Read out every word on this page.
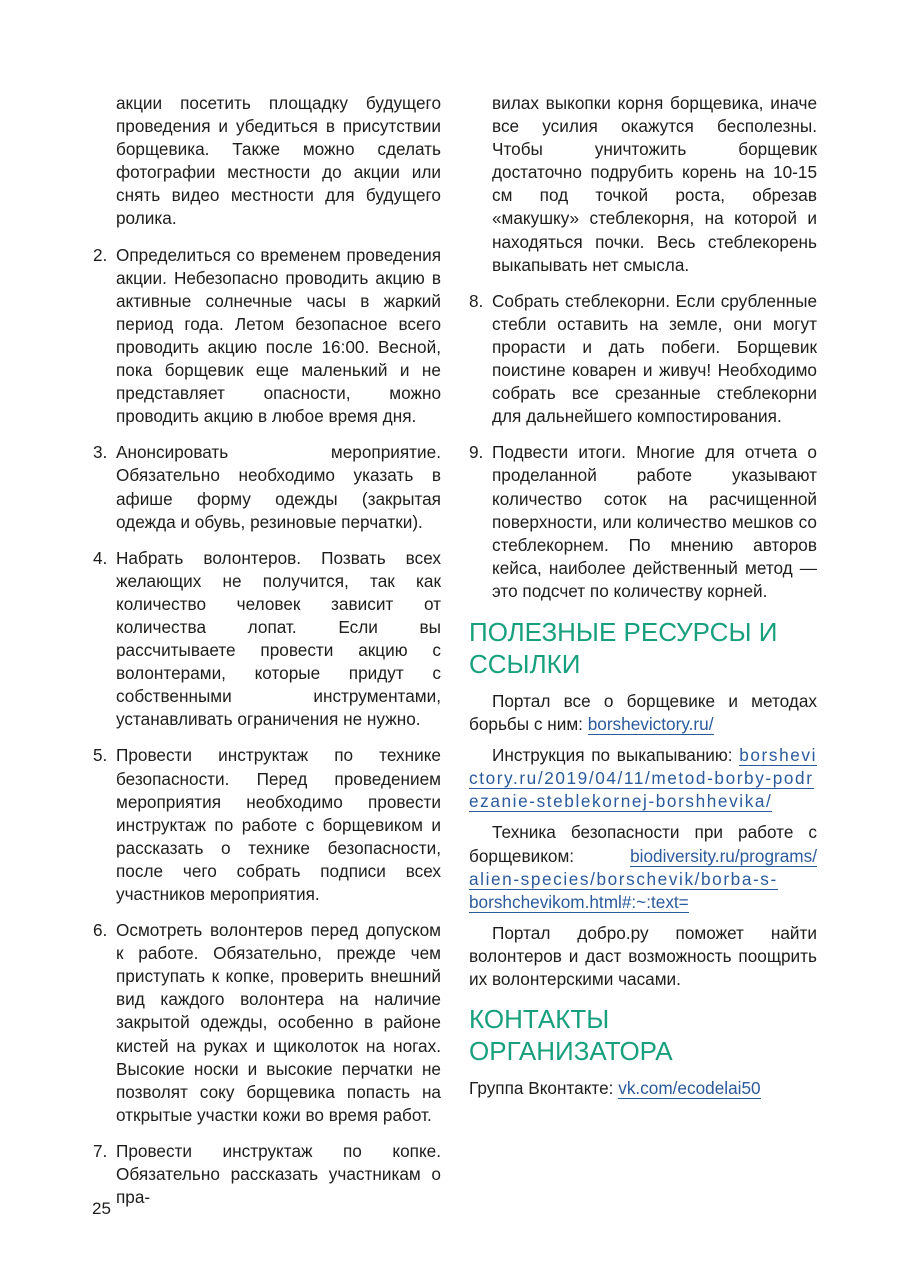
акции посетить площадку будущего проведения и убедиться в присутствии борщевика. Также можно сделать фотографии местности до акции или снять видео местности для будущего ролика.

2. Определиться со временем проведения акции. Небезопасно проводить акцию в активные солнечные часы в жаркий период года. Летом безопасное всего проводить акцию после 16:00. Весной, пока борщевик еще маленький и не представляет опасности, можно проводить акцию в любое время дня.
3. Анонсировать мероприятие. Обязательно необходимо указать в афише форму одежды (закрытая одежда и обувь, резиновые перчатки).
4. Набрать волонтеров. Позвать всех желающих не получится, так как количество человек зависит от количества лопат. Если вы рассчитываете провести акцию с волонтерами, которые придут с собственными инструментами, устанавливать ограничения не нужно.
5. Провести инструктаж по технике безопасности. Перед проведением мероприятия необходимо провести инструктаж по работе с борщевиком и рассказать о технике безопасности, после чего собрать подписи всех участников мероприятия.
6. Осмотреть волонтеров перед допуском к работе. Обязательно, прежде чем приступать к копке, проверить внешний вид каждого волонтера на наличие закрытой одежды, особенно в районе кистей на руках и щиколоток на ногах. Высокие носки и высокие перчатки не позволят соку борщевика попасть на открытые участки кожи во время работ.
7. Провести инструктаж по копке. Обязательно рассказать участникам о пра-

вилах выкопки корня борщевика, иначе все усилия окажутся бесполезны. Чтобы уничтожить борщевик достаточно подрубить корень на 10-15 см под точкой роста, обрезав «макушку» стеблекорня, на которой и находяться почки. Весь стеблекорень выкапывать нет смысла.

8. Собрать стеблекорни. Если срубленные стебли оставить на земле, они могут прорасти и дать побеги. Борщевик поистине коварен и живуч! Необходимо собрать все срезанные стеблекорни для дальнейшего компостирования.
9. Подвести итоги. Многие для отчета о проделанной работе указывают количество соток на расчищенной поверхности, или количество мешков со стеблекорнем. По мнению авторов кейса, наиболее действенный метод — это подсчет по количеству корней.
ПОЛЕЗНЫЕ РЕСУРСЫ И ССЫЛКИ

Портал все о борщевике и методах борьбы с ним: borshevictory.ru/

Инструкция по выкапыванию: borshevictory.ru/2019/04/11/metod-borby-podrezanie-steblekornej-borshhevika/

Техника безопасности при работе с борщевиком: biodiversity.ru/programs/ alien-species/borschevik/borba-s- borshchevikom.html#:~:text=

Портал добро.ру поможет найти волонтеров и даст возможность поощрить их волонтерскими часами.

КОНТАКТЫ ОРГАНИЗАТОРА

Группа Вконтакте: vk.com/ecodelai50

25
